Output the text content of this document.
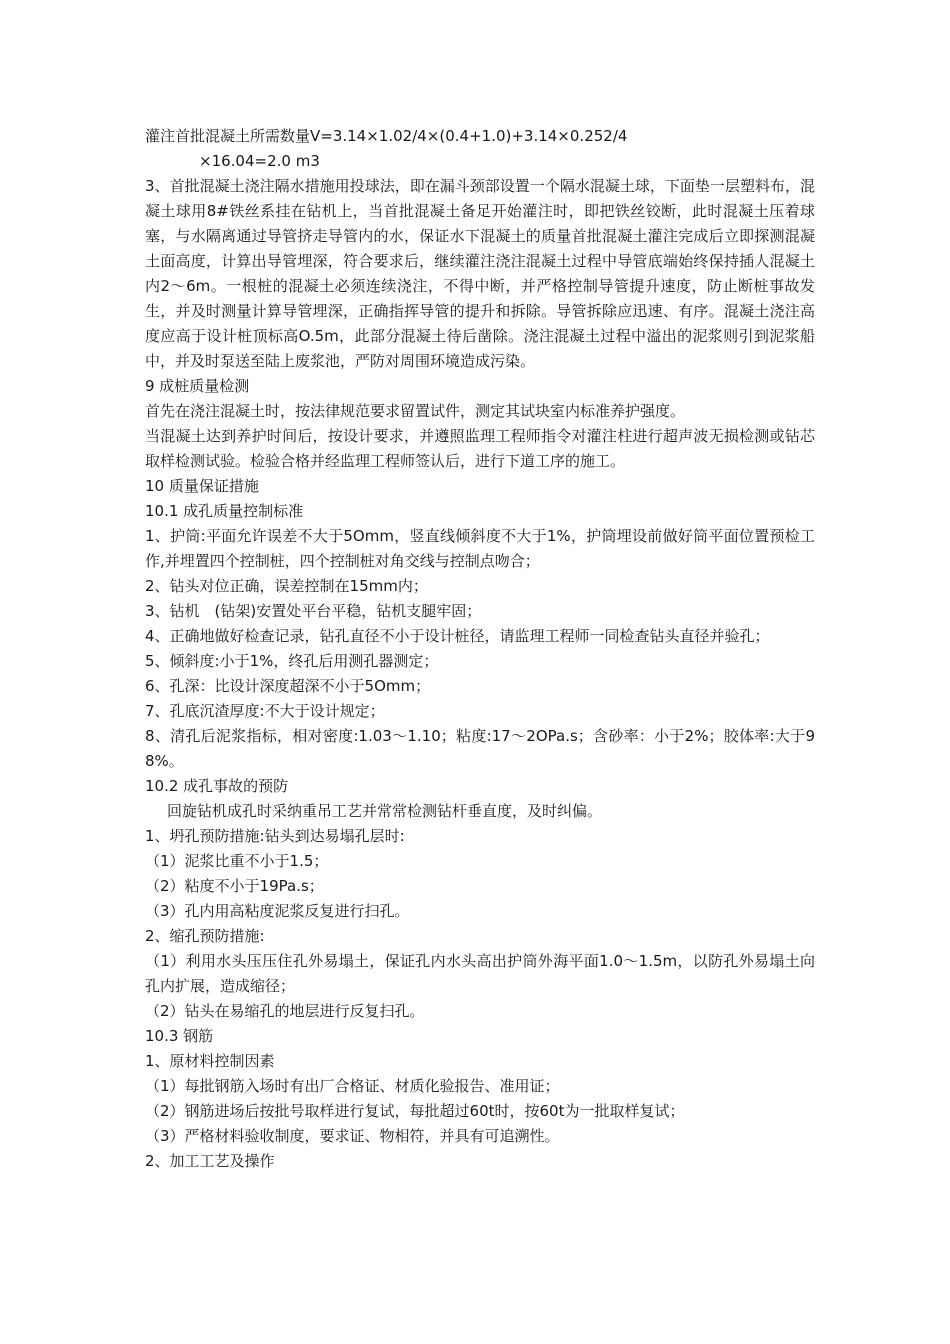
灌注首批混凝土所需数量V=3.14×1.02/4×(0.4+1.0)+3.14×0.252/4

×16.04=2.0 m3

3、首批混凝土浇注隔水措施用投球法，即在漏斗颈部设置一个隔水混凝土球，下面垫一层塑料布，混凝土球用8#铁丝系挂在钻机上，当首批混凝土备足开始灌注时，即把铁丝铰断，此时混凝土压着球塞，与水隔离通过导管挤走导管内的水，保证水下混凝土的质量首批混凝土灌注完成后立即探测混凝土面高度，计算出导管埋深，符合要求后，继续灌注浇注混凝土过程中导管底端始终保持插人混凝土内2～6m。一根桩的混凝土必须连续浇注，不得中断，并严格控制导管提升速度，防止断桩事故发生，并及时测量计算导管埋深，正确指挥导管的提升和拆除。导管拆除应迅速、有序。混凝土浇注高度应高于设计桩顶标高O.5m，此部分混凝土待后凿除。浇注混凝土过程中溢出的泥浆则引到泥浆船中，并及时泵送至陆上废浆池，严防对周围环境造成污染。

9 成桩质量检测

首先在浇注混凝土时，按法律规范要求留置试件，测定其试块室内标准养护强度。

当混凝土达到养护时间后，按设计要求，并遵照监理工程师指令对灌注柱进行超声波无损检测或钻芯取样检测试验。检验合格并经监理工程师签认后，进行下道工序的施工。

10 质量保证措施

10.1 成孔质量控制标准

1、护筒:平面允许误差不大于5Omm，竖直线倾斜度不大于1%，护筒埋设前做好筒平面位置预检工作,并埋置四个控制桩，四个控制桩对角交线与控制点吻合；

2、钻头对位正确，误差控制在15mm内；

3、钻机　(钻架)安置处平台平稳，钻机支腿牢固；

4、正确地做好检查记录，钻孔直径不小于设计桩径，请监理工程师一同检查钻头直径并验孔；

5、倾斜度:小于1%，终孔后用测孔器测定；

6、孔深：比设计深度超深不小于5Omm；

7、孔底沉渣厚度:不大于设计规定；

8、清孔后泥浆指标，相对密度:1.03～1.10；粘度:17～2OPa.s；含砂率：小于2%；胶体率:大于98%。

10.2 成孔事故的预防

回旋钻机成孔时采纳重吊工艺并常常检测钻杆垂直度，及时纠偏。

1、坍孔预防措施:钻头到达易塌孔层时:

（1）泥浆比重不小于1.5；

（2）粘度不小于19Pa.s；

（3）孔内用高粘度泥浆反复进行扫孔。

2、缩孔预防措施:

（1）利用水头压压住孔外易塌土，保证孔内水头高出护筒外海平面1.0～1.5m，以防孔外易塌土向孔内扩展，造成缩径；

（2）钻头在易缩孔的地层进行反复扫孔。

10.3 钢筋

1、原材料控制因素

（1）每批钢筋入场时有出厂合格证、材质化验报告、准用证；

（2）钢筋进场后按批号取样进行复试，每批超过60t时，按60t为一批取样复试；

（3）严格材料验收制度，要求证、物相符，并具有可追溯性。

2、加工工艺及操作
